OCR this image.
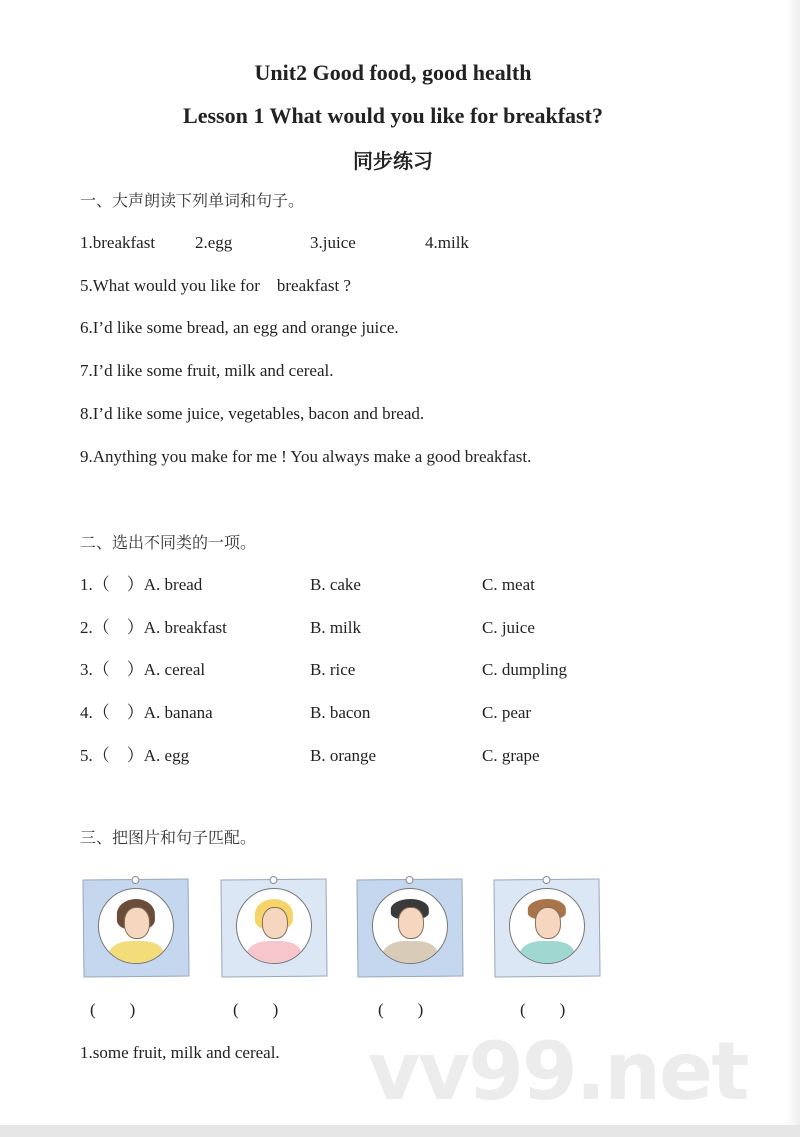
Unit2 Good food, good health
Lesson 1 What would you like for breakfast?
同步练习
一、大声朗读下列单词和句子。
1.breakfast 2.egg	3.juice	4.milk
5.What would you like for    breakfast ?
6.I’d like some bread, an egg and orange juice.
7.I’d like some fruit, milk and cereal.
8.I’d like some juice, vegetables, bacon and bread.
9.Anything you make for me ! You always make a good breakfast.
二、选出不同类的一项。
1.（    ）A. bread	B. cake	C. meat
2.（    ）A. breakfast	B. milk	C. juice
3.（    ）A. cereal	B. rice	C. dumpling
4.（    ）A. banana	B. bacon	C. pear
5.（    ）A. egg	B. orange	C. grape
三、把图片和句子匹配。
(        )	(        )	(        )	(        )
1.some fruit, milk and cereal. vv99.net
